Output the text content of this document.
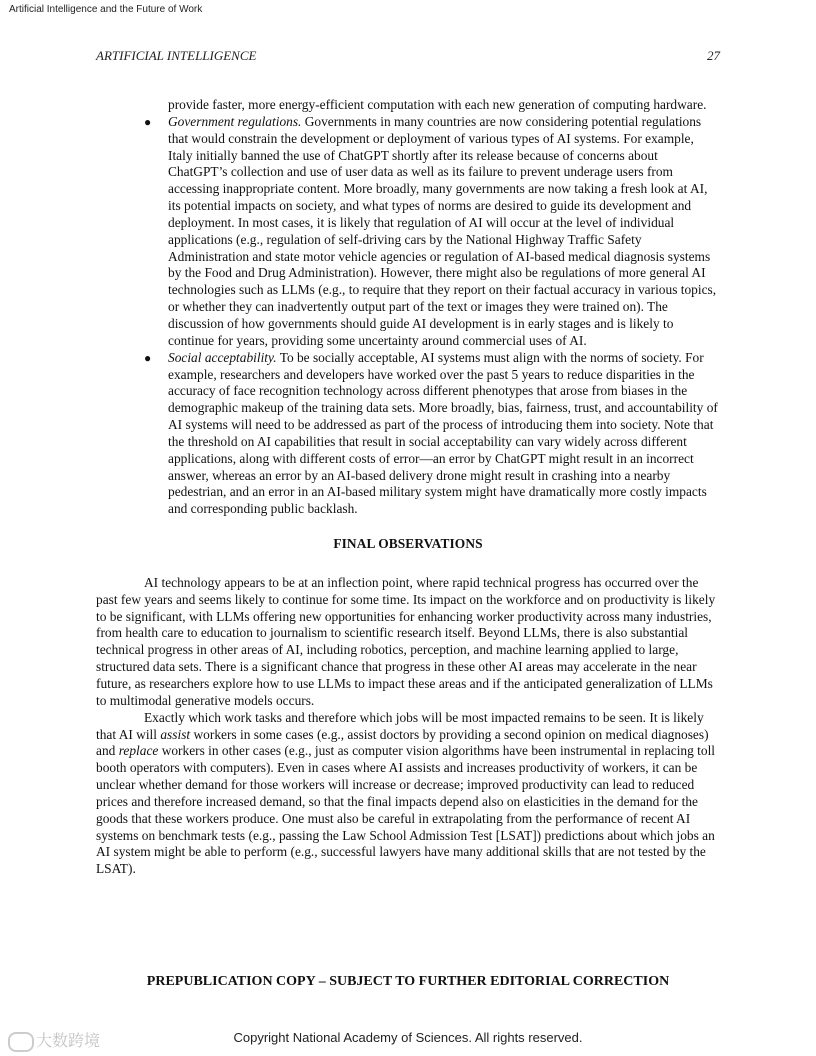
Artificial Intelligence and the Future of Work
ARTIFICIAL INTELLIGENCE	27
provide faster, more energy-efficient computation with each new generation of computing hardware.
● Government regulations. Governments in many countries are now considering potential regulations that would constrain the development or deployment of various types of AI systems. For example, Italy initially banned the use of ChatGPT shortly after its release because of concerns about ChatGPT’s collection and use of user data as well as its failure to prevent underage users from accessing inappropriate content. More broadly, many governments are now taking a fresh look at AI, its potential impacts on society, and what types of norms are desired to guide its development and deployment. In most cases, it is likely that regulation of AI will occur at the level of individual applications (e.g., regulation of self-driving cars by the National Highway Traffic Safety Administration and state motor vehicle agencies or regulation of AI-based medical diagnosis systems by the Food and Drug Administration). However, there might also be regulations of more general AI technologies such as LLMs (e.g., to require that they report on their factual accuracy in various topics, or whether they can inadvertently output part of the text or images they were trained on). The discussion of how governments should guide AI development is in early stages and is likely to continue for years, providing some uncertainty around commercial uses of AI.
● Social acceptability. To be socially acceptable, AI systems must align with the norms of society. For example, researchers and developers have worked over the past 5 years to reduce disparities in the accuracy of face recognition technology across different phenotypes that arose from biases in the demographic makeup of the training data sets. More broadly, bias, fairness, trust, and accountability of AI systems will need to be addressed as part of the process of introducing them into society. Note that the threshold on AI capabilities that result in social acceptability can vary widely across different applications, along with different costs of error—an error by ChatGPT might result in an incorrect answer, whereas an error by an AI-based delivery drone might result in crashing into a nearby pedestrian, and an error in an AI-based military system might have dramatically more costly impacts and corresponding public backlash.
FINAL OBSERVATIONS

AI technology appears to be at an inflection point, where rapid technical progress has occurred over the past few years and seems likely to continue for some time. Its impact on the workforce and on productivity is likely to be significant, with LLMs offering new opportunities for enhancing worker productivity across many industries, from health care to education to journalism to scientific research itself. Beyond LLMs, there is also substantial technical progress in other areas of AI, including robotics, perception, and machine learning applied to large, structured data sets. There is a significant chance that progress in these other AI areas may accelerate in the near future, as researchers explore how to use LLMs to impact these areas and if the anticipated generalization of LLMs to multimodal generative models occurs.

Exactly which work tasks and therefore which jobs will be most impacted remains to be seen. It is likely that AI will assist workers in some cases (e.g., assist doctors by providing a second opinion on medical diagnoses) and replace workers in other cases (e.g., just as computer vision algorithms have been instrumental in replacing toll booth operators with computers). Even in cases where AI assists and increases productivity of workers, it can be unclear whether demand for those workers will increase or decrease; improved productivity can lead to reduced prices and therefore increased demand, so that the final impacts depend also on elasticities in the demand for the goods that these workers produce. One must also be careful in extrapolating from the performance of recent AI systems on benchmark tests (e.g., passing the Law School Admission Test [LSAT]) predictions about which jobs an AI system might be able to perform (e.g., successful lawyers have many additional skills that are not tested by the LSAT).

PREPUBLICATION COPY – SUBJECT TO FURTHER EDITORIAL CORRECTION
大数跨境	Copyright National Academy of Sciences. All rights reserved.
